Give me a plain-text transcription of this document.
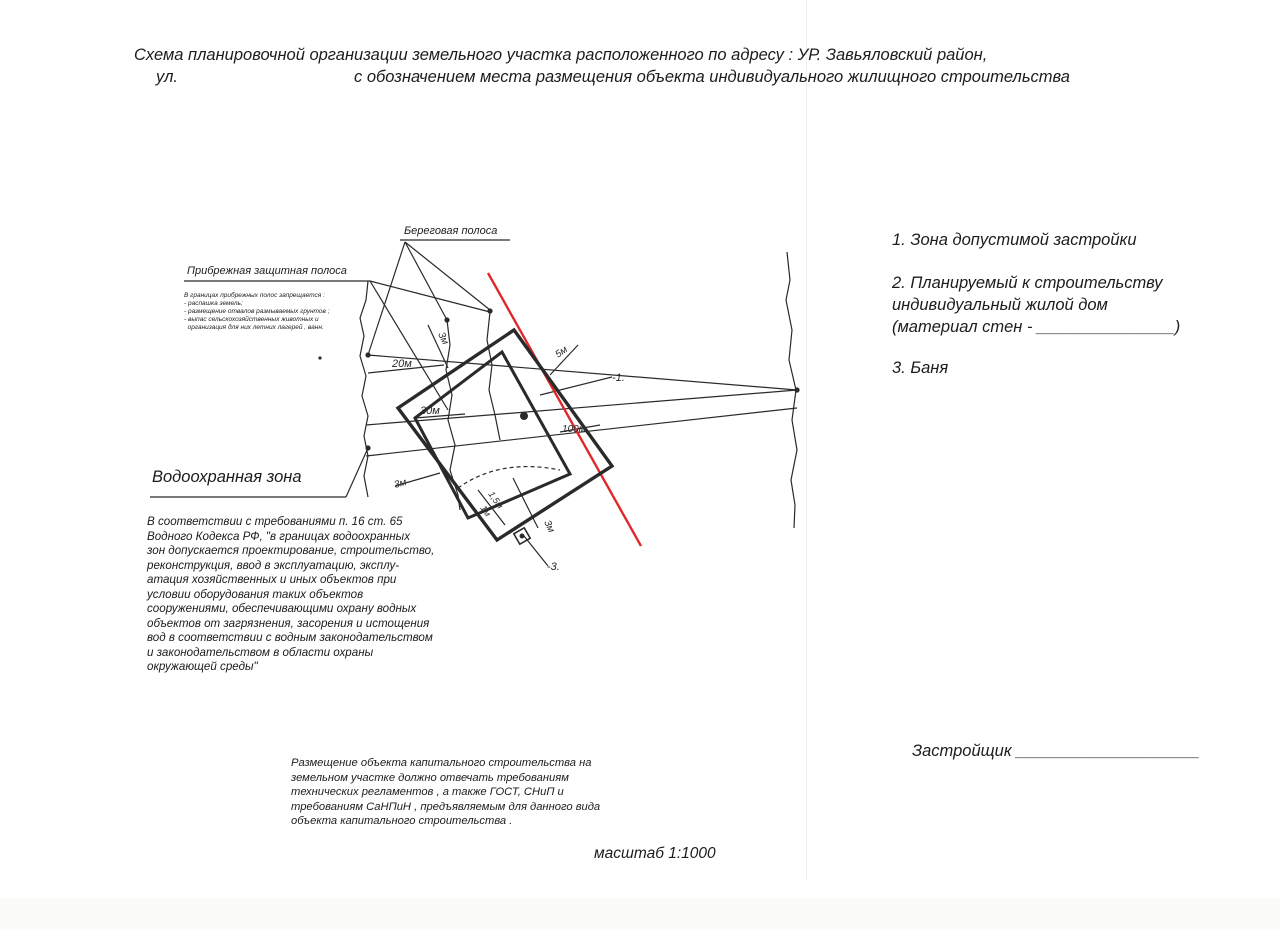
Схема планировочной организации земельного участка расположенного по адресу : УР. Завьяловский район,
ул.	с обозначением места размещения объекта индивидуального жилищного строительства
20м
30м
3м
5м
100м
3м
3м
1,5м
1м
-1.
-3.
Береговая полоса
Прибрежная защитная полоса
Водоохранная зона
В границах прибрежных полос запрещается :
- распашка земель;
- размещение отвалов размываемых грунтов ;
- выпас сельскохозяйственных животных и
организация для них летних лагерей , ванн.
В соответствии с требованиями п. 16 ст. 65
Водного Кодекса РФ, "в границах водоохранных
зон допускается проектирование, строительство,
реконструкция, ввод в эксплуатацию, эксплу-
атация хозяйственных и иных объектов при
условии оборудования таких объектов
сооружениями, обеспечивающими охрану водных
объектов от загрязнения, засорения и истощения
вод в соответствии с водным законодательством
и законодательством в области охраны
окружающей среды"
Размещение объекта капитального строительства на
земельном участке должно отвечать требованиям
технических регламентов , а также ГОСТ, СНиП и
требованиям СаНПиН , предъявляемым для данного вида
объекта капитального строительства .
масштаб 1:1000
1. Зона допустимой застройки
2. Планируемый к строительству
индивидуальный жилой дом
(материал стен - _______________)
3. Баня
Застройщик ____________________
